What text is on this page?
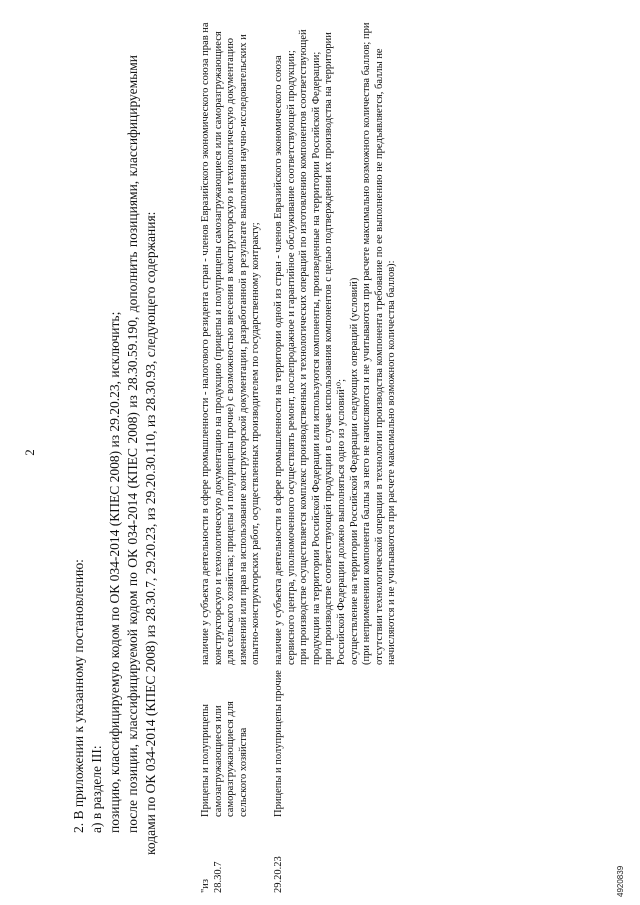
2

2. В приложении к указанному постановлению: а) в разделе III: позицию, классифицируемую кодом по ОК 034-2014 (КПЕС 2008) из 29.20.23, исключить; после позиции, классифицируемой кодом по ОК 034-2014 (КПЕС 2008) из 28.30.59.190, дополнить позициями, классифицируемыми кодами по ОК 034-2014 (КПЕС 2008) из 28.30.7, 29.20.23, из 29.20.30.110, из 28.30.93, следующего содержания:

"из
28.30.7	Прицепы и полуприцепы самозагружающиеся или саморазгружающиеся для сельского хозяйства	наличие у субъекта деятельности в сфере промышленности - налогового резидента стран - членов Евразийского экономического союза прав на конструкторскую и технологическую документацию на продукцию (прицепы и полуприцепы самозагружающиеся или саморазгружающиеся для сельского хозяйства; прицепы и полуприцепы прочие) с возможностью внесения в конструкторскую и технологическую документацию изменений или прав на использование конструкторской документации, разработанной в результате выполнения научно-исследовательских и опытно-конструкторских работ, осуществленных производителем по государственному контракту;
29.20.23	Прицепы и полуприцепы прочие	наличие у субъекта деятельности в сфере промышленности на территории одной из стран - членов Евразийского экономического союза сервисного центра, уполномоченного осуществлять ремонт, послепродажное и гарантийное обслуживание соответствующей продукции;
при производстве осуществляется комплекс производственных и технологических операций по изготовлению компонентов соответствующей продукции на территории Российской Федерации или используются компоненты, произведенные на территории Российской Федерации;
при производстве соответствующей продукции в случае использования компонентов с целью подтверждения их производства на территории Российской Федерации должно выполняться одно из условий¹⁰;
осуществление на территории Российской Федерации следующих операций (условий)
(при неприменении компонента баллы за него не начисляются и не учитываются при расчете максимально возможного количества баллов; при отсутствии технологической операции в технологии производства компонента требование по ее выполнению не предъявляется, баллы не начисляются и не учитываются при расчете максимально возможного количества баллов):
4920839
